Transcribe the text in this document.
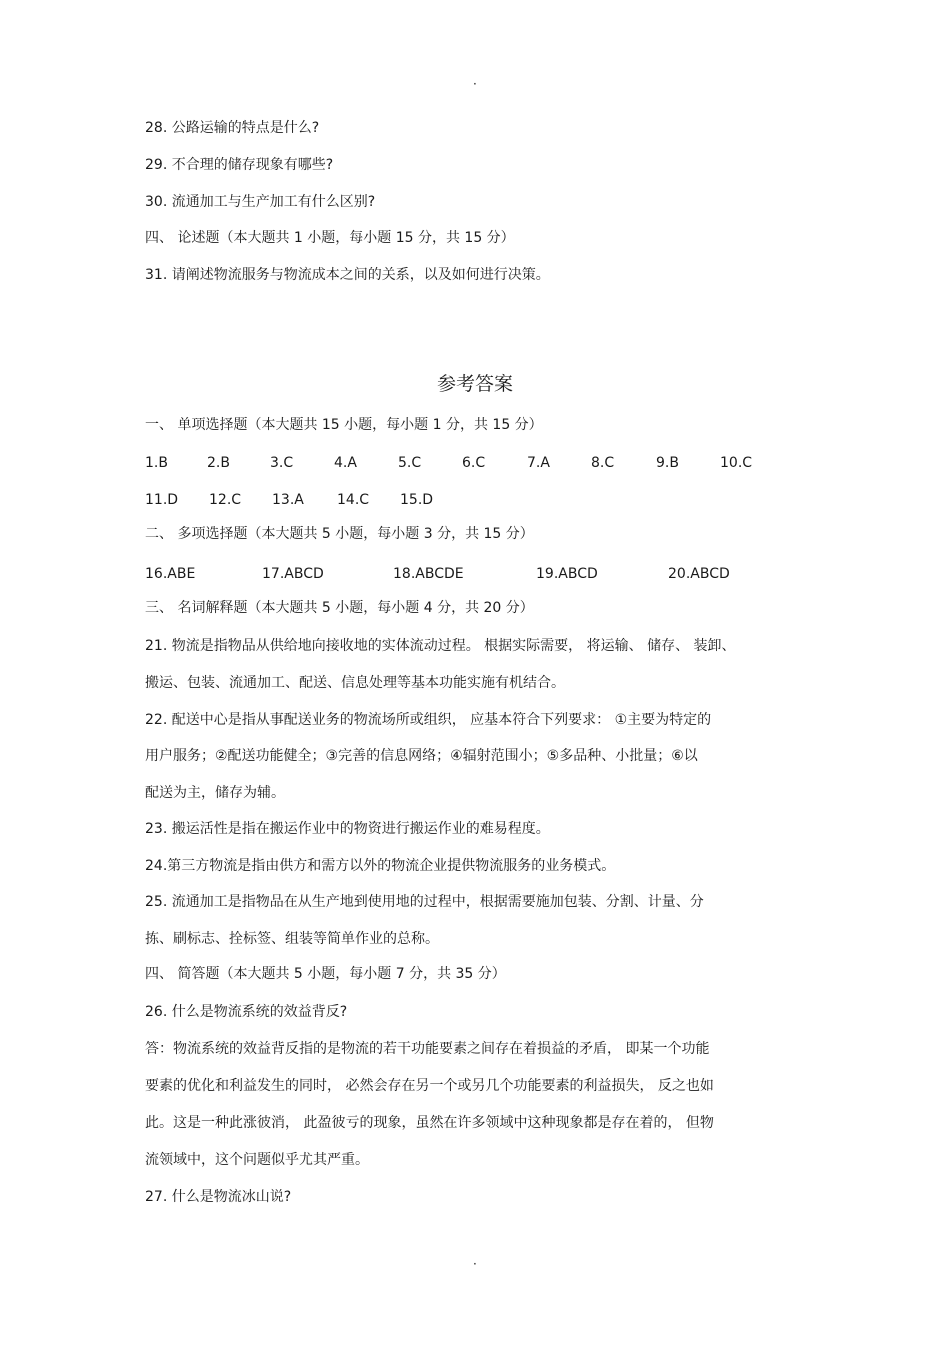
·
28. 公路运输的特点是什么?
29. 不合理的储存现象有哪些?
30. 流通加工与生产加工有什么区别?
四、 论述题（本大题共 1 小题，每小题 15 分，共 15 分）
31. 请阐述物流服务与物流成本之间的关系，以及如何进行决策。
参考答案
一、 单项选择题（本大题共 15 小题，每小题 1 分，共 15 分）
1.B	2.B	3.C	4.A	5.C	6.C	7.A	8.C	9.B	10.C
11.D 12.C 13.A 14.C 15.D
二、 多项选择题（本大题共 5 小题，每小题 3 分，共 15 分）
16.ABE	17.ABCD	18.ABCDE	19.ABCD	20.ABCD
三、 名词解释题（本大题共 5 小题，每小题 4 分，共 20 分）
21. 物流是指物品从供给地向接收地的实体流动过程。 根据实际需要， 将运输、 储存、 装卸、
搬运、包装、流通加工、配送、信息处理等基本功能实施有机结合。
22. 配送中心是指从事配送业务的物流场所或组织， 应基本符合下列要求： ①主要为特定的
用户服务；②配送功能健全；③完善的信息网络；④辐射范围小；⑤多品种、小批量；⑥以
配送为主，储存为辅。
23. 搬运活性是指在搬运作业中的物资进行搬运作业的难易程度。
24.第三方物流是指由供方和需方以外的物流企业提供物流服务的业务模式。
25. 流通加工是指物品在从生产地到使用地的过程中，根据需要施加包装、分割、计量、分
拣、刷标志、拴标签、组装等简单作业的总称。
四、 简答题（本大题共 5 小题，每小题 7 分，共 35 分）
26. 什么是物流系统的效益背反?
答：物流系统的效益背反指的是物流的若干功能要素之间存在着损益的矛盾， 即某一个功能
要素的优化和利益发生的同时， 必然会存在另一个或另几个功能要素的利益损失， 反之也如
此。这是一种此涨彼消， 此盈彼亏的现象，虽然在许多领域中这种现象都是存在着的， 但物
流领域中，这个问题似乎尤其严重。
27. 什么是物流冰山说?
·
